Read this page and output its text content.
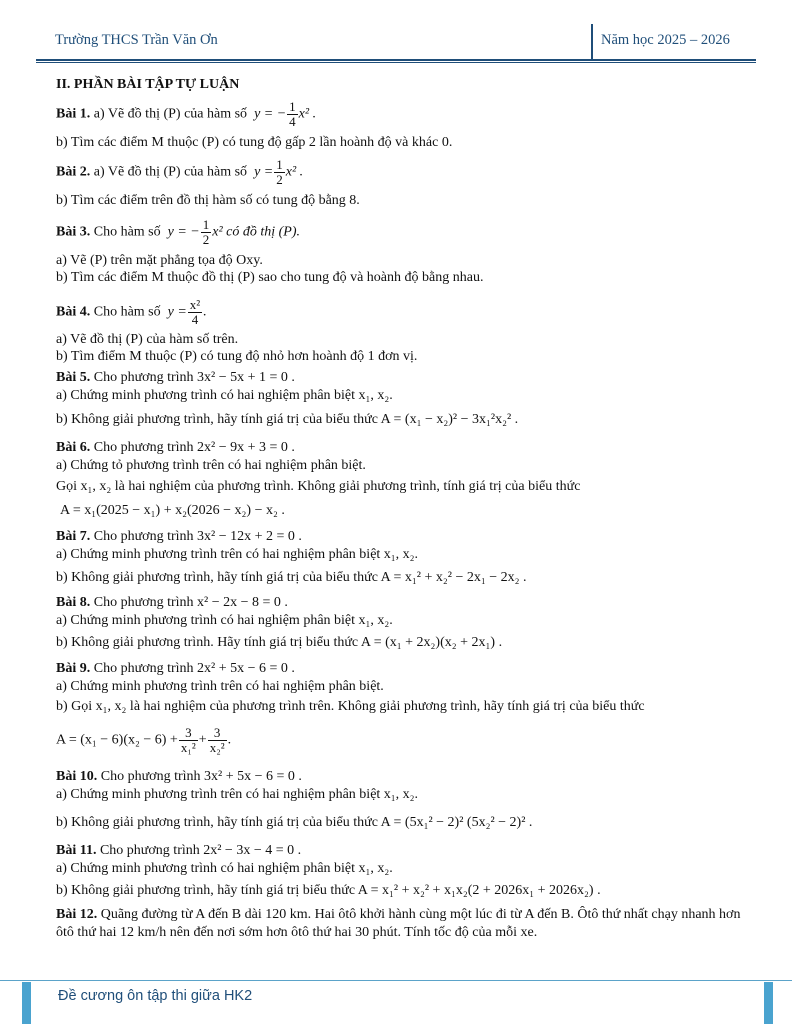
Trường THCS Trần Văn Ơn	Năm học 2025 – 2026
II. PHẦN BÀI TẬP TỰ LUẬN
Bài 1. a) Vẽ đồ thị (P) của hàm số y = − $\frac{1}{4} x^2$ .
b) Tìm các điểm M thuộc (P) có tung độ gấp 2 lần hoành độ và khác 0.
Bài 2. a) Vẽ đồ thị (P) của hàm số $y = \frac{1}{2} x^2$ .
b) Tìm các điểm trên đồ thị hàm số có tung độ bằng 8.
Bài 3. Cho hàm số y = − $\frac{1}{2} x^2$ có đồ thị (P).
a) Vẽ (P) trên mặt phẳng tọa độ Oxy.
b) Tìm các điểm M thuộc đồ thị (P) sao cho tung độ và hoành độ bằng nhau.
Bài 4. Cho hàm số $y = \frac{\text{x²}}{4}$ .
a) Vẽ đồ thị (P) của hàm số trên.
b) Tìm điểm M thuộc (P) có tung độ nhỏ hơn hoành độ 1 đơn vị.
Bài 5. Cho phương trình 3x² − 5x + 1 = 0 .
a) Chứng minh phương trình có hai nghiệm phân biệt x₁, x₂.
b) Không giải phương trình, hãy tính giá trị của biểu thức A = (x₁ − x₂)² − 3x₁²x₂² .
Bài 6. Cho phương trình 2x² − 9x + 3 = 0 .
a) Chứng tỏ phương trình trên có hai nghiệm phân biệt.
Gọi x₁, x₂ là hai nghiệm của phương trình. Không giải phương trình, tính giá trị của biểu thức
A = x₁(2025 − x₁) + x₂(2026 − x₂) − x₂ .
Bài 7. Cho phương trình 3x² − 12x + 2 = 0 .
a) Chứng minh phương trình trên có hai nghiệm phân biệt x₁, x₂.
b) Không giải phương trình, hãy tính giá trị của biểu thức A = x₁² + x₂² − 2x₁ − 2x₂ .
Bài 8. Cho phương trình x² − 2x − 8 = 0 .
a) Chứng minh phương trình có hai nghiệm phân biệt x₁, x₂.
b) Không giải phương trình. Hãy tính giá trị biểu thức A = (x₁ + 2x₂)(x₂ + 2x₁) .
Bài 9. Cho phương trình 2x² + 5x − 6 = 0 .
a) Chứng minh phương trình trên có hai nghiệm phân biệt.
b) Gọi x₁, x₂ là hai nghiệm của phương trình trên. Không giải phương trình, hãy tính giá trị của biểu thức
$A = (x_1 - 6)(x_2 - 6) + \frac{3}{\text{x₁²}} + \frac{3}{\text{x₂²}}$ .
Bài 10. Cho phương trình 3x² + 5x − 6 = 0 .
a) Chứng minh phương trình trên có hai nghiệm phân biệt x₁, x₂.
b) Không giải phương trình, hãy tính giá trị của biểu thức A = (5x₁² − 2)² (5x₂² − 2)² .
Bài 11. Cho phương trình 2x² − 3x − 4 = 0 .
a) Chứng minh phương trình có hai nghiệm phân biệt x₁, x₂.
b) Không giải phương trình, hãy tính giá trị biểu thức A = x₁² + x₂² + x₁x₂(2 + 2026x₁ + 2026x₂) .
Bài 12. Quãng đường từ A đến B dài 120 km. Hai ôtô khởi hành cùng một lúc đi từ A đến B. Ôtô thứ nhất chạy nhanh hơn ôtô thứ hai 12 km/h nên đến nơi sớm hơn ôtô thứ hai 30 phút. Tính tốc độ của mỗi xe.
Đề cương ôn tập thi giữa HK2
